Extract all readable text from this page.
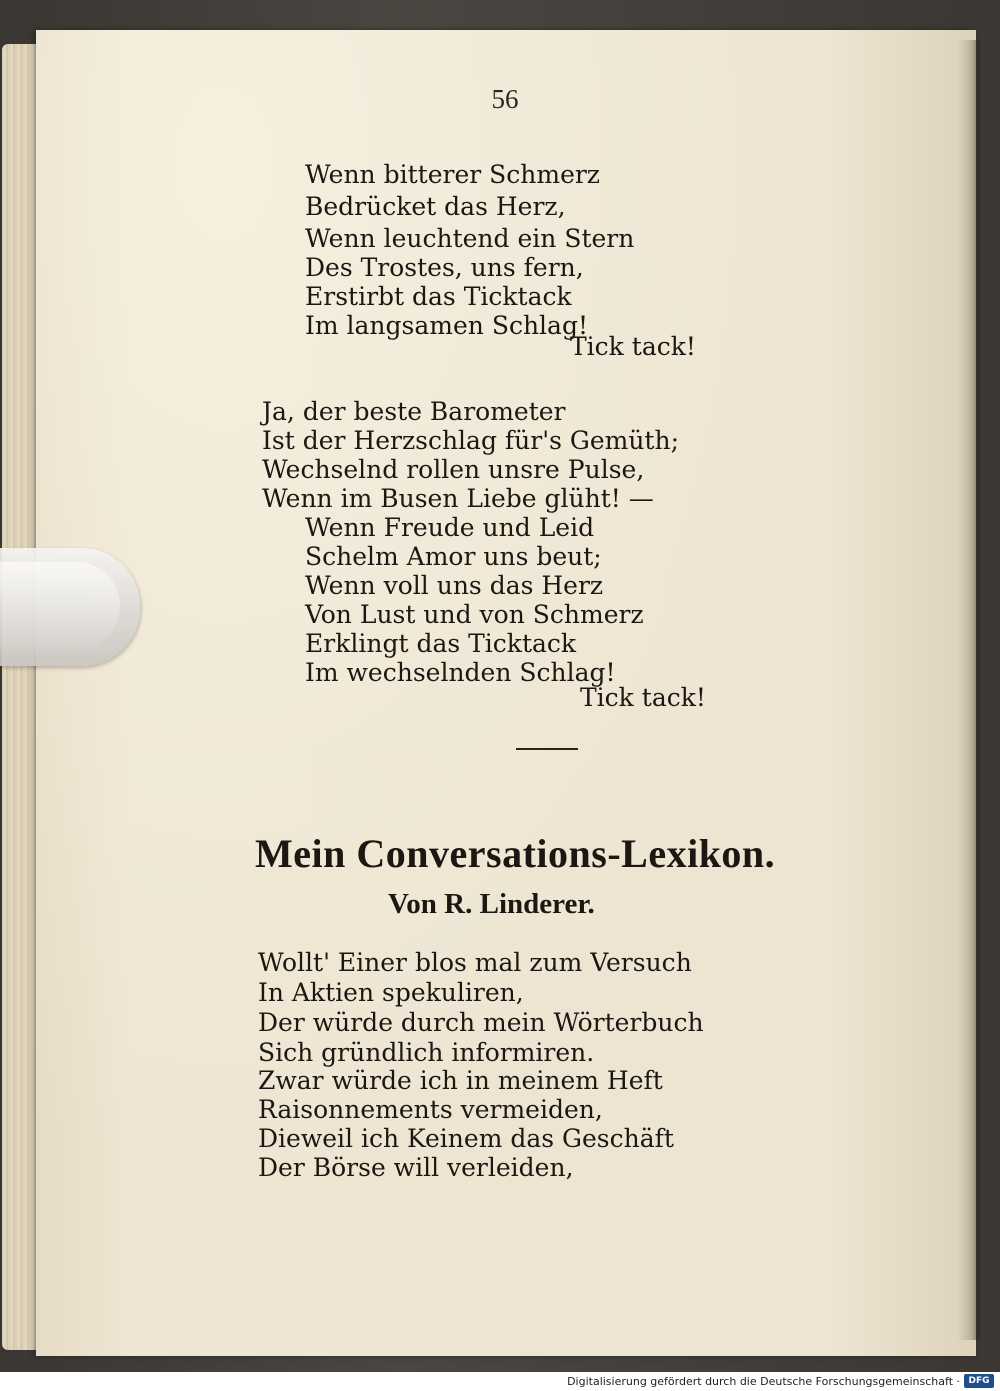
56
Wenn bitterer Schmerz
Bedrücket das Herz,
Wenn leuchtend ein Stern
Des Trostes, uns fern,
Erstirbt das Ticktack
Im langsamen Schlag!
Tick tack!
Ja, der beste Barometer
Ist der Herzschlag für's Gemüth;
Wechselnd rollen unsre Pulse,
Wenn im Busen Liebe glüht! —
Wenn Freude und Leid
Schelm Amor uns beut;
Wenn voll uns das Herz
Von Lust und von Schmerz
Erklingt das Ticktack
Im wechselnden Schlag!
Tick tack!
Mein Conversations-Lexikon.
Von R. Linderer.
Wollt' Einer blos mal zum Versuch
In Aktien spekuliren,
Der würde durch mein Wörterbuch
Sich gründlich informiren.
Zwar würde ich in meinem Heft
Raisonnements vermeiden,
Dieweil ich Keinem das Geschäft
Der Börse will verleiden,
Digitalisierung gefördert durch die Deutsche Forschungsgemeinschaft · DFG
